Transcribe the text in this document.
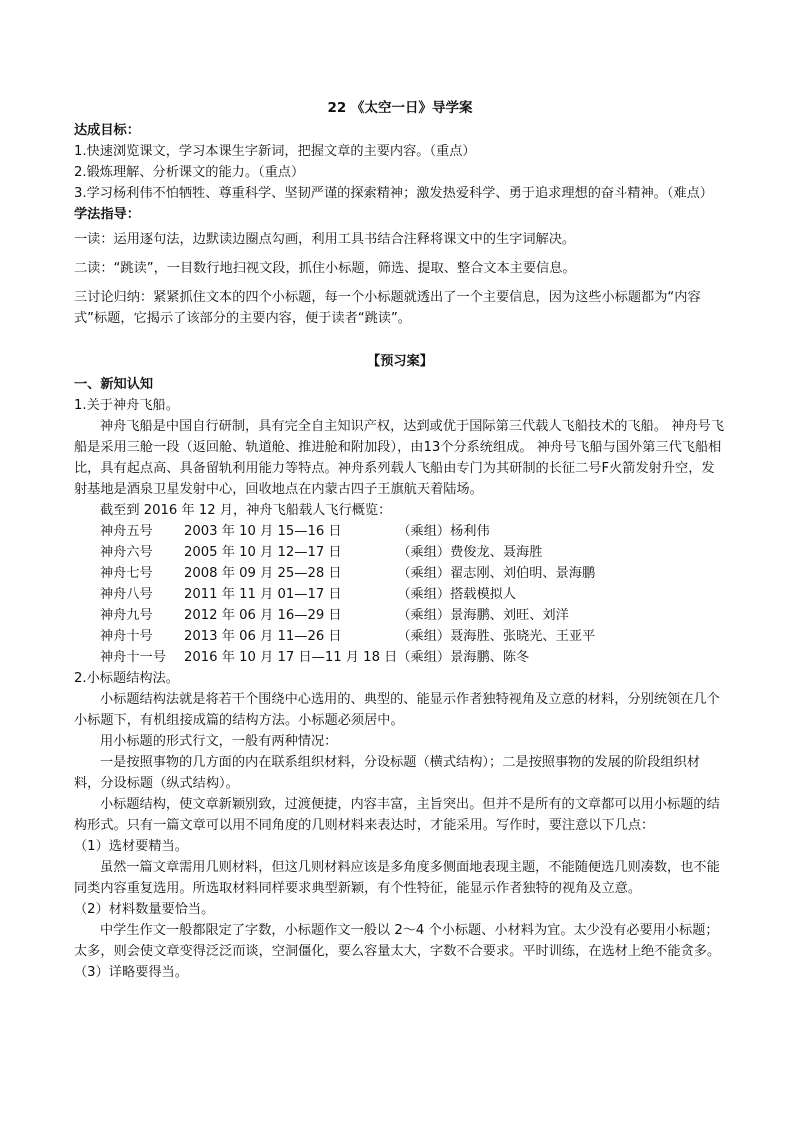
22 《太空一日》导学案

达成目标：

1.快速浏览课文，学习本课生字新词，把握文章的主要内容。（重点）

2.锻炼理解、分析课文的能力。（重点）

3.学习杨利伟不怕牺牲、尊重科学、坚韧严谨的探索精神；激发热爱科学、勇于追求理想的奋斗精神。（难点）

学法指导：

一读：运用逐句法，边默读边圈点勾画，利用工具书结合注释将课文中的生字词解决。

二读：“跳读”，一目数行地扫视文段，抓住小标题，筛选、提取、整合文本主要信息。

三讨论归纳：紧紧抓住文本的四个小标题，每一个小标题就透出了一个主要信息，因为这些小标题都为“内容式”标题，它揭示了该部分的主要内容，便于读者“跳读”。

【预习案】

一、新知认知

1.关于神舟飞船。

神舟飞船是中国自行研制，具有完全自主知识产权，达到或优于国际第三代载人飞船技术的飞船。 神舟号飞船是采用三舱一段（返回舱、轨道舱、推进舱和附加段），由13个分系统组成。 神舟号飞船与国外第三代飞船相比，具有起点高、具备留轨利用能力等特点。神舟系列载人飞船由专门为其研制的长征二号F火箭发射升空，发射基地是酒泉卫星发射中心，回收地点在内蒙古四子王旗航天着陆场。

截至到 2016 年 12 月，神舟飞船载人飞行概览：

神舟五号	2003 年 10 月 15—16 日	（乘组）杨利伟
神舟六号	2005 年 10 月 12—17 日	（乘组）费俊龙、聂海胜
神舟七号	2008 年 09 月 25—28 日	（乘组）翟志刚、刘伯明、景海鹏
神舟八号	2011 年 11 月 01—17 日	（乘组）搭载模拟人
神舟九号	2012 年 06 月 16—29 日	（乘组）景海鹏、刘旺、刘洋
神舟十号	2013 年 06 月 11—26 日	（乘组）聂海胜、张晓光、王亚平
神舟十一号	2016 年 10 月 17 日—11 月 18 日	（乘组）景海鹏、陈冬

2.小标题结构法。

小标题结构法就是将若干个围绕中心选用的、典型的、能显示作者独特视角及立意的材料，分别统领在几个小标题下，有机组接成篇的结构方法。小标题必须居中。

用小标题的形式行文，一般有两种情况：

一是按照事物的几方面的内在联系组织材料，分设标题（横式结构）；二是按照事物的发展的阶段组织材料，分设标题（纵式结构）。

小标题结构，使文章新颖别致，过渡便捷，内容丰富，主旨突出。但并不是所有的文章都可以用小标题的结构形式。只有一篇文章可以用不同角度的几则材料来表达时，才能采用。写作时，要注意以下几点：

（1）选材要精当。

虽然一篇文章需用几则材料，但这几则材料应该是多角度多侧面地表现主题，不能随便选几则凑数，也不能同类内容重复选用。所选取材料同样要求典型新颖，有个性特征，能显示作者独特的视角及立意。

（2）材料数量要恰当。

中学生作文一般都限定了字数，小标题作文一般以 2～4 个小标题、小材料为宜。太少没有必要用小标题；太多，则会使文章变得泛泛而谈，空洞僵化，要么容量太大，字数不合要求。平时训练，在选材上绝不能贪多。

（3）详略要得当。
